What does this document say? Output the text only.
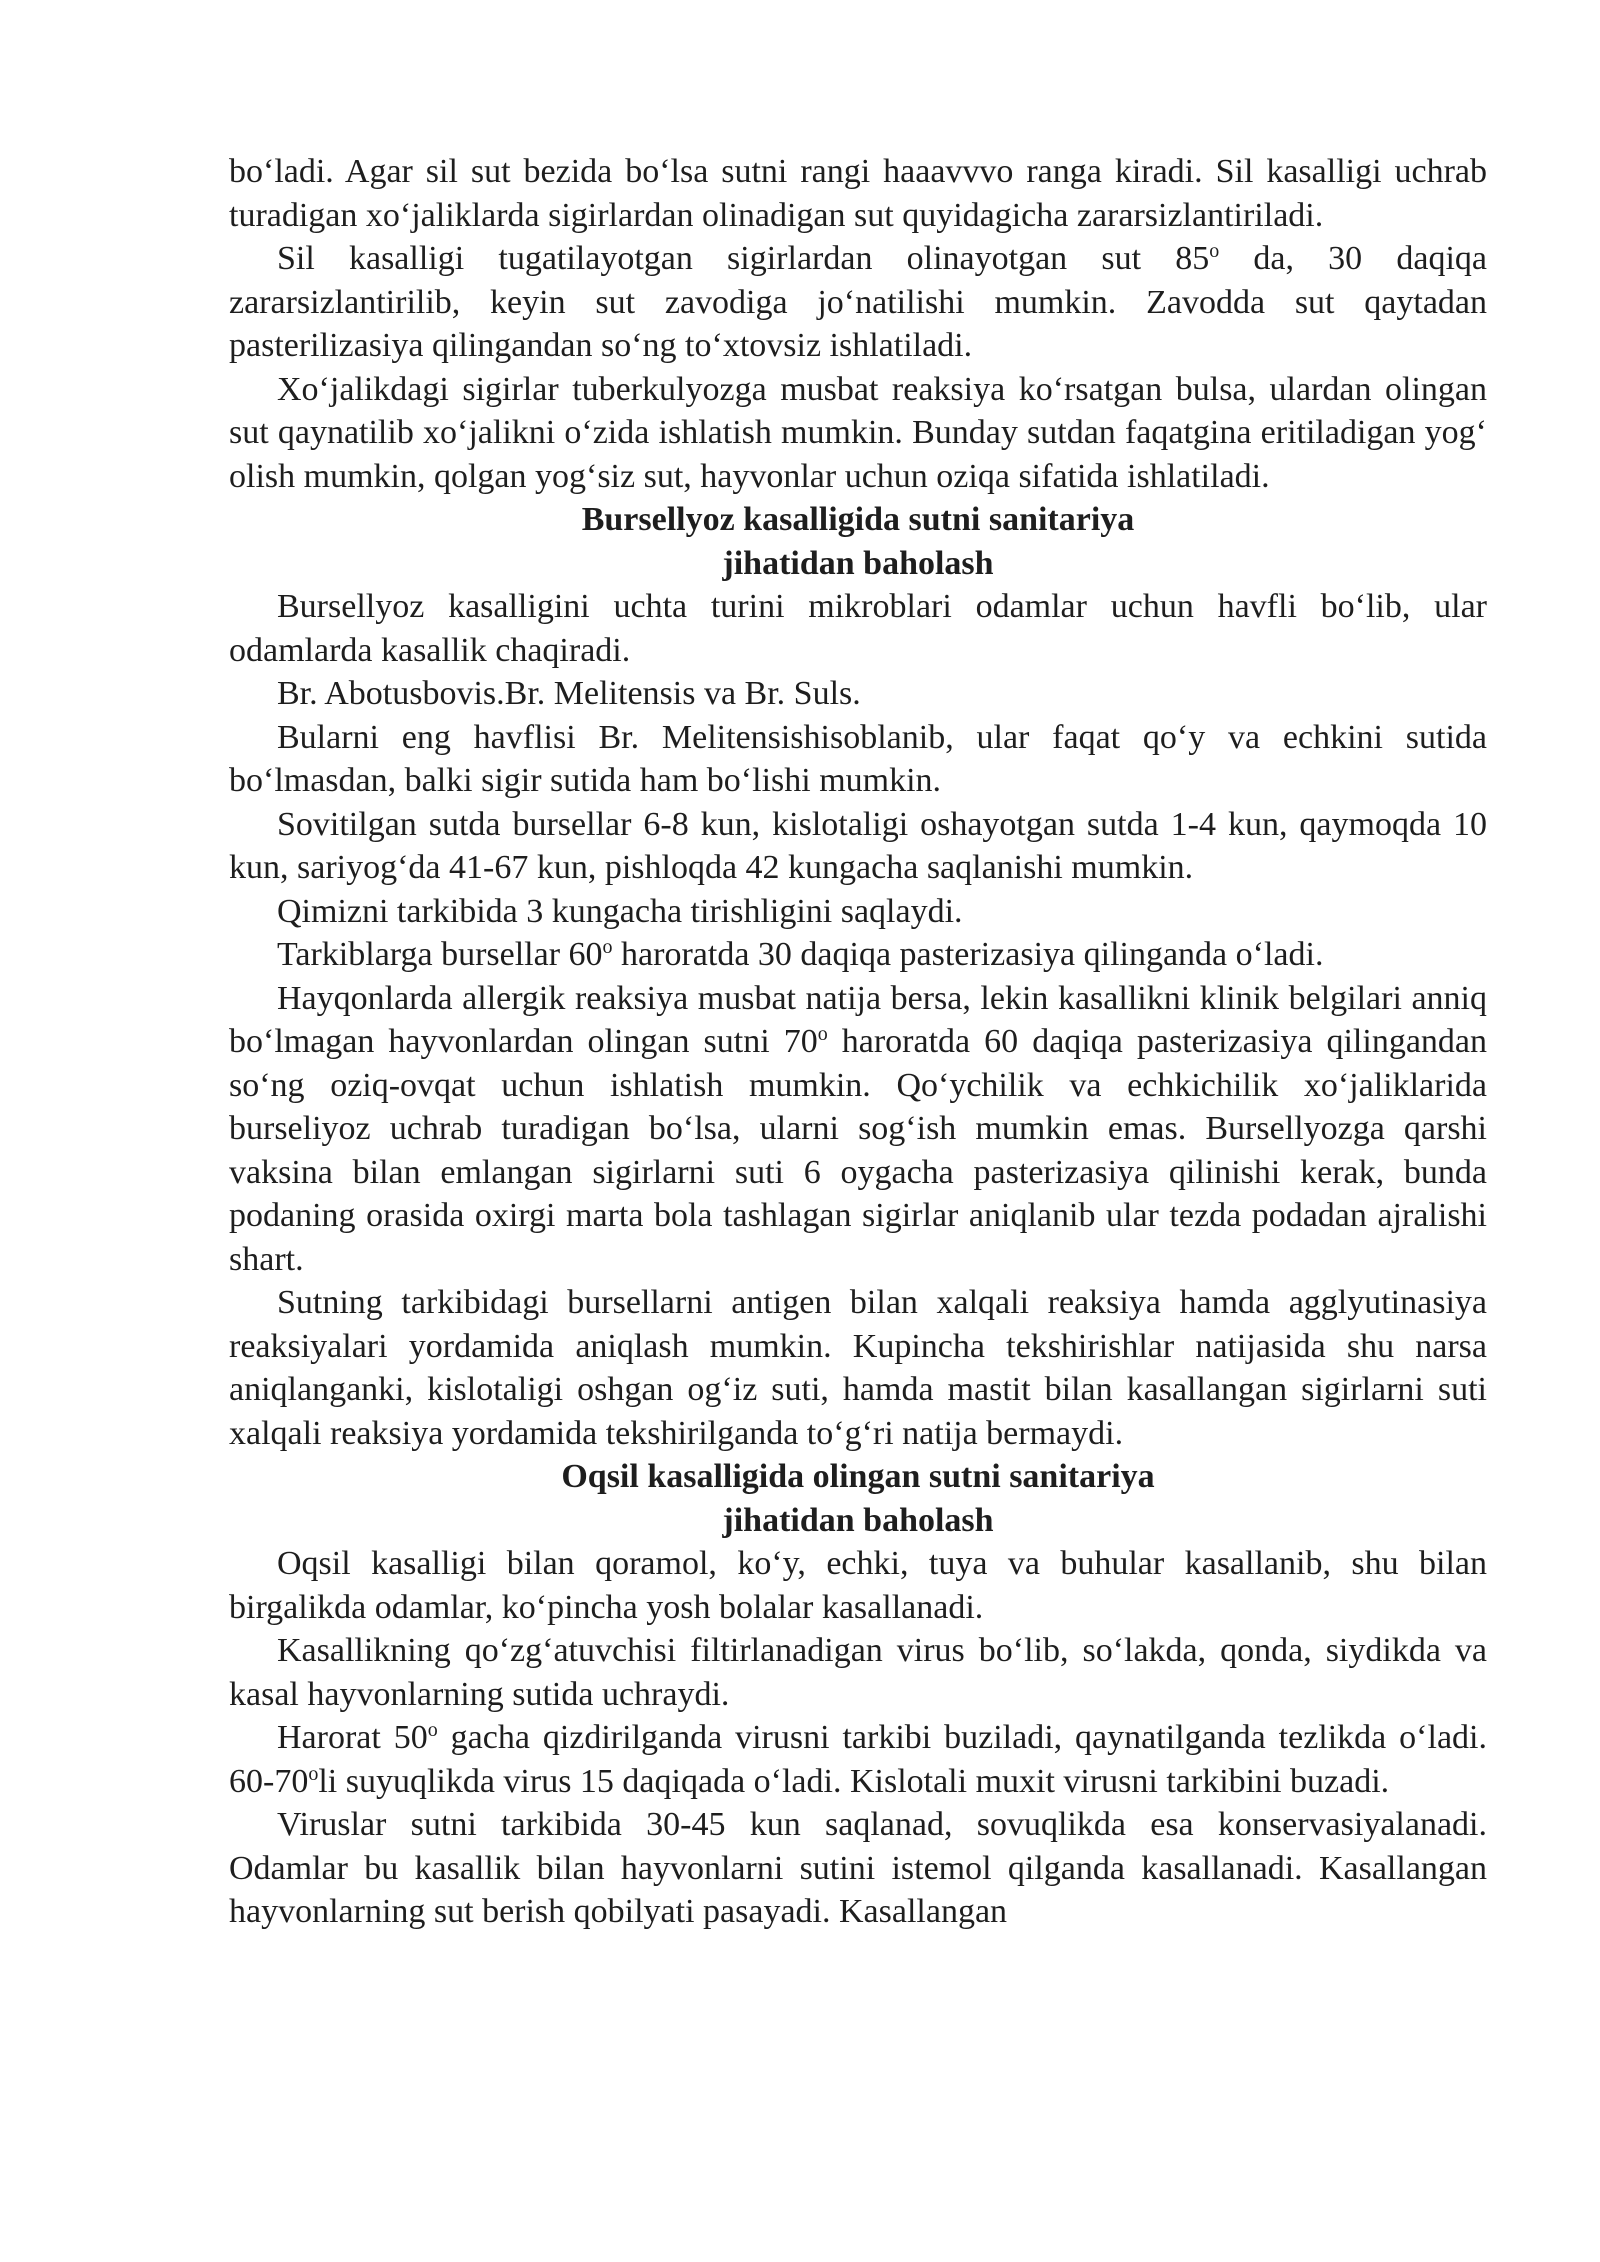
bo‘ladi. Agar sil sut bezida bo‘lsa sutni rangi haaavvvo ranga kiradi. Sil kasalligi uchrab turadigan xo‘jaliklarda sigirlardan olinadigan sut quyidagicha zararsizlantiriladi.

Sil kasalligi tugatilayotgan sigirlardan olinayotgan sut 85$^o$ da, 30 daqiqa zararsizlantirilib, keyin sut zavodiga jo‘natilishi mumkin. Zavodda sut qaytadan pasterilizasiya qilingandan so‘ng to‘xtovsiz ishlatiladi.

Xo‘jalikdagi sigirlar tuberkulyozga musbat reaksiya ko‘rsatgan bulsa, ulardan olingan sut qaynatilib xo‘jalikni o‘zida ishlatish mumkin. Bunday sutdan faqatgina eritiladigan yog‘ olish mumkin, qolgan yog‘siz sut, hayvonlar uchun oziqa sifatida ishlatiladi.

Bursellyoz kasalligida sutni sanitariya
jihatidan baholash

Bursellyoz kasalligini uchta turini mikroblari odamlar uchun havfli bo‘lib, ular odamlarda kasallik chaqiradi.

Br. Abotusbovis.Br. Melitensis va Br. Suls.

Bularni eng havflisi Br. Melitensishisoblanib, ular faqat qo‘y va echkini sutida bo‘lmasdan, balki sigir sutida ham bo‘lishi mumkin.

Sovitilgan sutda bursellar 6-8 kun, kislotaligi oshayotgan sutda 1-4 kun, qaymoqda 10 kun, sariyog‘da 41-67 kun, pishloqda 42 kungacha saqlanishi mumkin.

Qimizni tarkibida 3 kungacha tirishligini saqlaydi.

Tarkiblarga bursellar 60$^o$ haroratda 30 daqiqa pasterizasiya qilinganda o‘ladi.

Hayqonlarda allergik reaksiya musbat natija bersa, lekin kasallikni klinik belgilari anniq bo‘lmagan hayvonlardan olingan sutni 70$^o$ haroratda 60 daqiqa pasterizasiya qilingandan so‘ng oziq-ovqat uchun ishlatish mumkin. Qo‘ychilik va echkichilik xo‘jaliklarida burseliyoz uchrab turadigan bo‘lsa, ularni sog‘ish mumkin emas. Bursellyozga qarshi vaksina bilan emlangan sigirlarni suti 6 oygacha pasterizasiya qilinishi kerak, bunda podaning orasida oxirgi marta bola tashlagan sigirlar aniqlanib ular tezda podadan ajralishi shart.

Sutning tarkibidagi bursellarni antigen bilan xalqali reaksiya hamda agglyutinasiya reaksiyalari yordamida aniqlash mumkin. Kupincha tekshirishlar natijasida shu narsa aniqlanganki, kislotaligi oshgan og‘iz suti, hamda mastit bilan kasallangan sigirlarni suti xalqali reaksiya yordamida tekshirilganda to‘g‘ri natija bermaydi.

Oqsil kasalligida olingan sutni sanitariya
jihatidan baholash

Oqsil kasalligi bilan qoramol, ko‘y, echki, tuya va buhular kasallanib, shu bilan birgalikda odamlar, ko‘pincha yosh bolalar kasallanadi.

Kasallikning qo‘zg‘atuvchisi filtirlanadigan virus bo‘lib, so‘lakda, qonda, siydikda va kasal hayvonlarning sutida uchraydi.

Harorat 50$^o$ gacha qizdirilganda virusni tarkibi buziladi, qaynatilganda tezlikda o‘ladi. 60-70$^o$li suyuqlikda virus 15 daqiqada o‘ladi. Kislotali muxit virusni tarkibini buzadi.

Viruslar sutni tarkibida 30-45 kun saqlanad, sovuqlikda esa konservasiyalanadi. Odamlar bu kasallik bilan hayvonlarni sutini istemol qilganda kasallanadi. Kasallangan hayvonlarning sut berish qobilyati pasayadi. Kasallangan
